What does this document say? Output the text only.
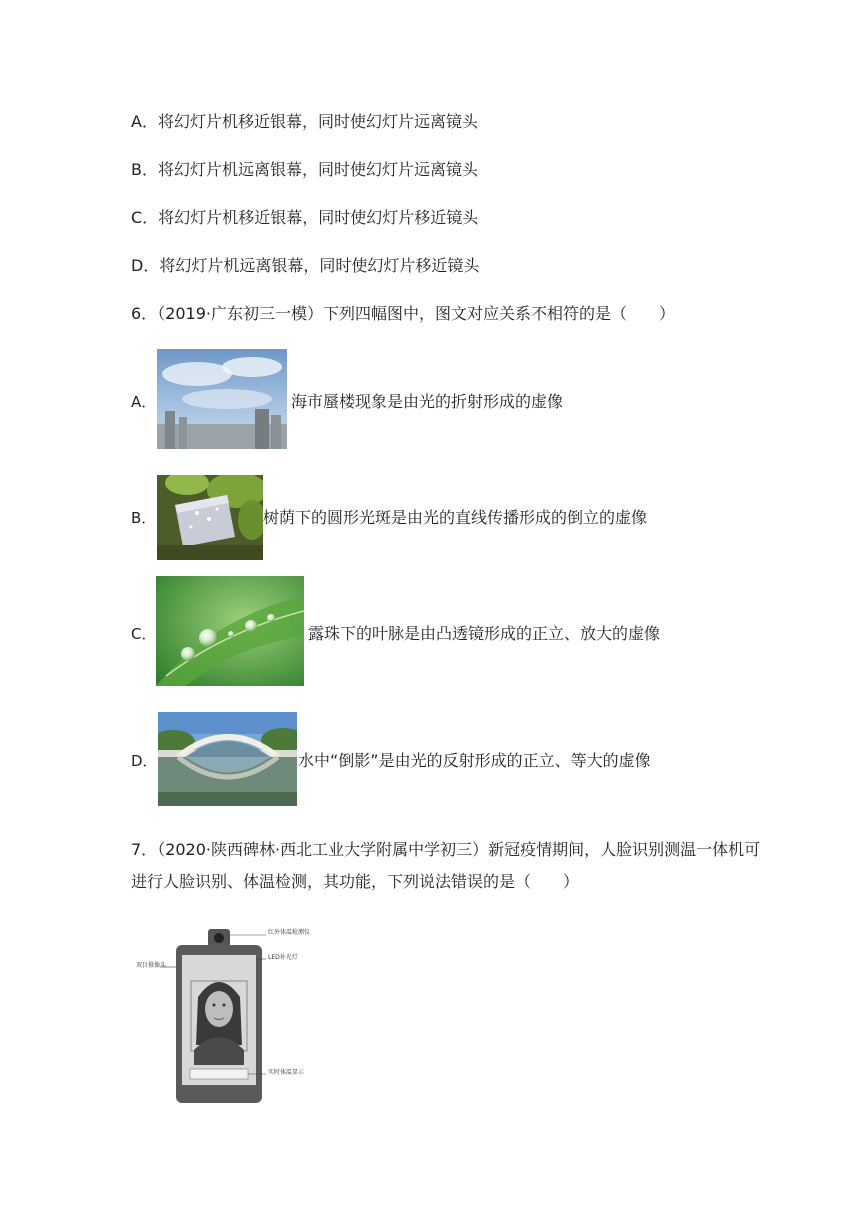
A．将幻灯片机移近银幕，同时使幻灯片远离镜头
B．将幻灯片机远离银幕，同时使幻灯片远离镜头
C．将幻灯片机移近银幕，同时使幻灯片移近镜头
D．将幻灯片机远离银幕，同时使幻灯片移近镜头
6．（2019·广东初三一模）下列四幅图中，图文对应关系不相符的是（　　）
A．	海市蜃楼现象是由光的折射形成的虚像
B．	树荫下的圆形光斑是由光的直线传播形成的倒立的虚像
C．	露珠下的叶脉是由凸透镜形成的正立、放大的虚像
D．	水中“倒影”是由光的反射形成的正立、等大的虚像
7．（2020·陕西碑林·西北工业大学附属中学初三）新冠疫情期间，人脸识别测温一体机可
进行人脸识别、体温检测，其功能，下列说法错误的是（　　）
红外体温检测仪
LED补光灯
双目摄像头
实时体温显示
